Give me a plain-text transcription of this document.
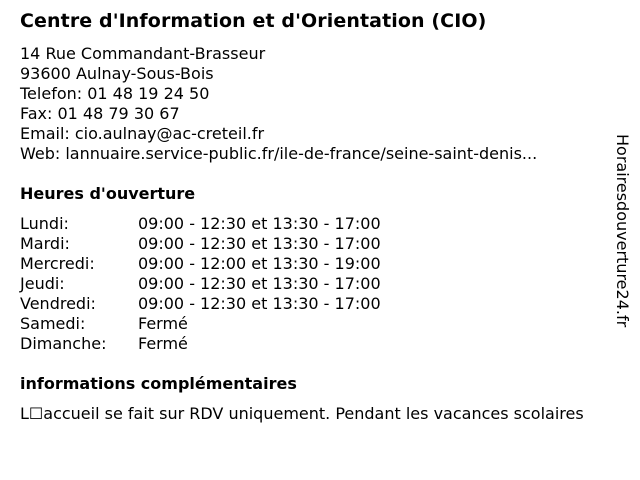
Centre d'Information et d'Orientation (CIO)
14 Rue Commandant-Brasseur
93600 Aulnay-Sous-Bois
Telefon: 01 48 19 24 50
Fax: 01 48 79 30 67
Email: cio.aulnay@ac-creteil.fr
Web: lannuaire.service-public.fr/ile-de-france/seine-saint-denis...
Heures d'ouverture
Lundi:	09:00 - 12:30 et 13:30 - 17:00
Mardi:	09:00 - 12:30 et 13:30 - 17:00
Mercredi:	09:00 - 12:00 et 13:30 - 19:00
Jeudi:	09:00 - 12:30 et 13:30 - 17:00
Vendredi:	09:00 - 12:30 et 13:30 - 17:00
Samedi:	Fermé
Dimanche: Fermé
informations complémentaires
L☐accueil se fait sur RDV uniquement. Pendant les vacances scolaires
Horairesdouverture24.fr
